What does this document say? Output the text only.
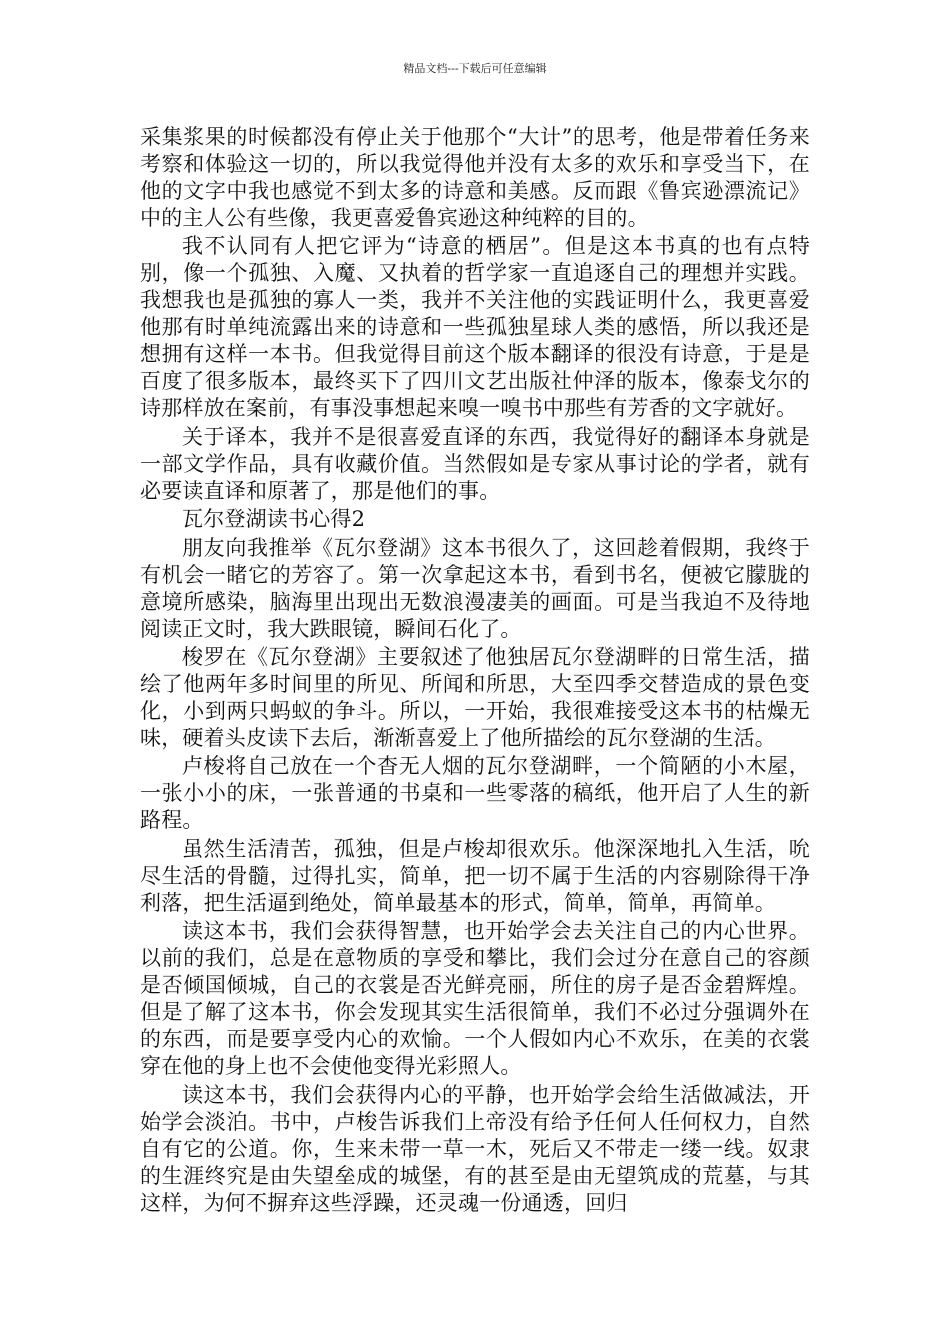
精品文档---下载后可任意编辑

采集浆果的时候都没有停止关于他那个“大计”的思考，他是带着任务来考察和体验这一切的，所以我觉得他并没有太多的欢乐和享受当下，在他的文字中我也感觉不到太多的诗意和美感。反而跟《鲁宾逊漂流记》中的主人公有些像，我更喜爱鲁宾逊这种纯粹的目的。

我不认同有人把它评为“诗意的栖居”。但是这本书真的也有点特别，像一个孤独、入魔、又执着的哲学家一直追逐自己的理想并实践。我想我也是孤独的寡人一类，我并不关注他的实践证明什么，我更喜爱他那有时单纯流露出来的诗意和一些孤独星球人类的感悟，所以我还是想拥有这样一本书。但我觉得目前这个版本翻译的很没有诗意，于是是百度了很多版本，最终买下了四川文艺出版社仲泽的版本，像泰戈尔的诗那样放在案前，有事没事想起来嗅一嗅书中那些有芳香的文字就好。

关于译本，我并不是很喜爱直译的东西，我觉得好的翻译本身就是一部文学作品，具有收藏价值。当然假如是专家从事讨论的学者，就有必要读直译和原著了，那是他们的事。

瓦尔登湖读书心得2

朋友向我推举《瓦尔登湖》这本书很久了，这回趁着假期，我终于有机会一睹它的芳容了。第一次拿起这本书，看到书名，便被它朦胧的意境所感染，脑海里出现出无数浪漫凄美的画面。可是当我迫不及待地阅读正文时，我大跌眼镜，瞬间石化了。

梭罗在《瓦尔登湖》主要叙述了他独居瓦尔登湖畔的日常生活，描绘了他两年多时间里的所见、所闻和所思，大至四季交替造成的景色变化，小到两只蚂蚁的争斗。所以，一开始，我很难接受这本书的枯燥无味，硬着头皮读下去后，渐渐喜爱上了他所描绘的瓦尔登湖的生活。

卢梭将自己放在一个杳无人烟的瓦尔登湖畔，一个简陋的小木屋，一张小小的床，一张普通的书桌和一些零落的稿纸，他开启了人生的新路程。

虽然生活清苦，孤独，但是卢梭却很欢乐。他深深地扎入生活，吮尽生活的骨髓，过得扎实，简单，把一切不属于生活的内容剔除得干净利落，把生活逼到绝处，简单最基本的形式，简单，简单，再简单。

读这本书，我们会获得智慧，也开始学会去关注自己的内心世界。以前的我们，总是在意物质的享受和攀比，我们会过分在意自己的容颜是否倾国倾城，自己的衣裳是否光鲜亮丽，所住的房子是否金碧辉煌。但是了解了这本书，你会发现其实生活很简单，我们不必过分强调外在的东西，而是要享受内心的欢愉。一个人假如内心不欢乐，在美的衣裳穿在他的身上也不会使他变得光彩照人。

读这本书，我们会获得内心的平静，也开始学会给生活做减法，开始学会淡泊。书中，卢梭告诉我们上帝没有给予任何人任何权力，自然自有它的公道。你，生来未带一草一木，死后又不带走一缕一线。奴隶的生涯终究是由失望垒成的城堡，有的甚至是由无望筑成的荒墓，与其这样，为何不摒弃这些浮躁，还灵魂一份通透，回归
